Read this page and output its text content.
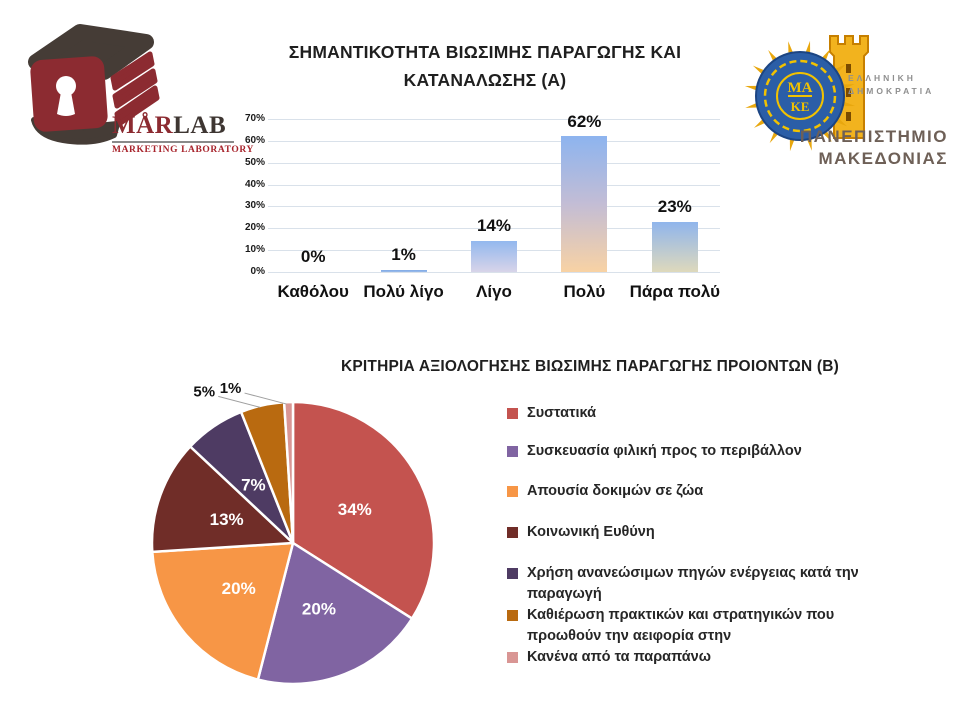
MÅRLAB
MARKETING LABORATORY
ΣΗΜΑΝΤΙΚΟΤΗΤΑ ΒΙΩΣΙΜΗΣ ΠΑΡΑΓΩΓΗΣ ΚΑΙ ΚΑΤΑΝΑΛΩΣΗΣ (Α)
0%
10%
20%
30%
40%
50%
60%
70%
0%
Καθόλου
1%
Πολύ λίγο
14%
Λίγο
62%
Πολύ
23%
Πάρα πολύ
ΜΑ
ΚΕ
ΕΛΛΗΝΙΚΗ
ΔΗΜΟΚΡΑΤΙΑ
ΠΑΝΕΠΙΣΤΗΜΙΟ
ΜΑΚΕΔΟΝΙΑΣ
ΚΡΙΤΗΡΙΑ ΑΞΙΟΛΟΓΗΣΗΣ ΒΙΩΣΙΜΗΣ ΠΑΡΑΓΩΓΗΣ ΠΡΟΙΟΝΤΩΝ (Β)
34%
20%
20%
13%
7%
5% 1%
Συστατικά
Συσκευασία φιλική προς το περιβάλλον
Απουσία δοκιμών σε ζώα
Κοινωνική Ευθύνη
Χρήση ανανεώσιμων πηγών ενέργειας κατά την παραγωγή
Καθιέρωση πρακτικών και στρατηγικών που προωθούν την αειφορία στην
Κανένα από τα παραπάνω
